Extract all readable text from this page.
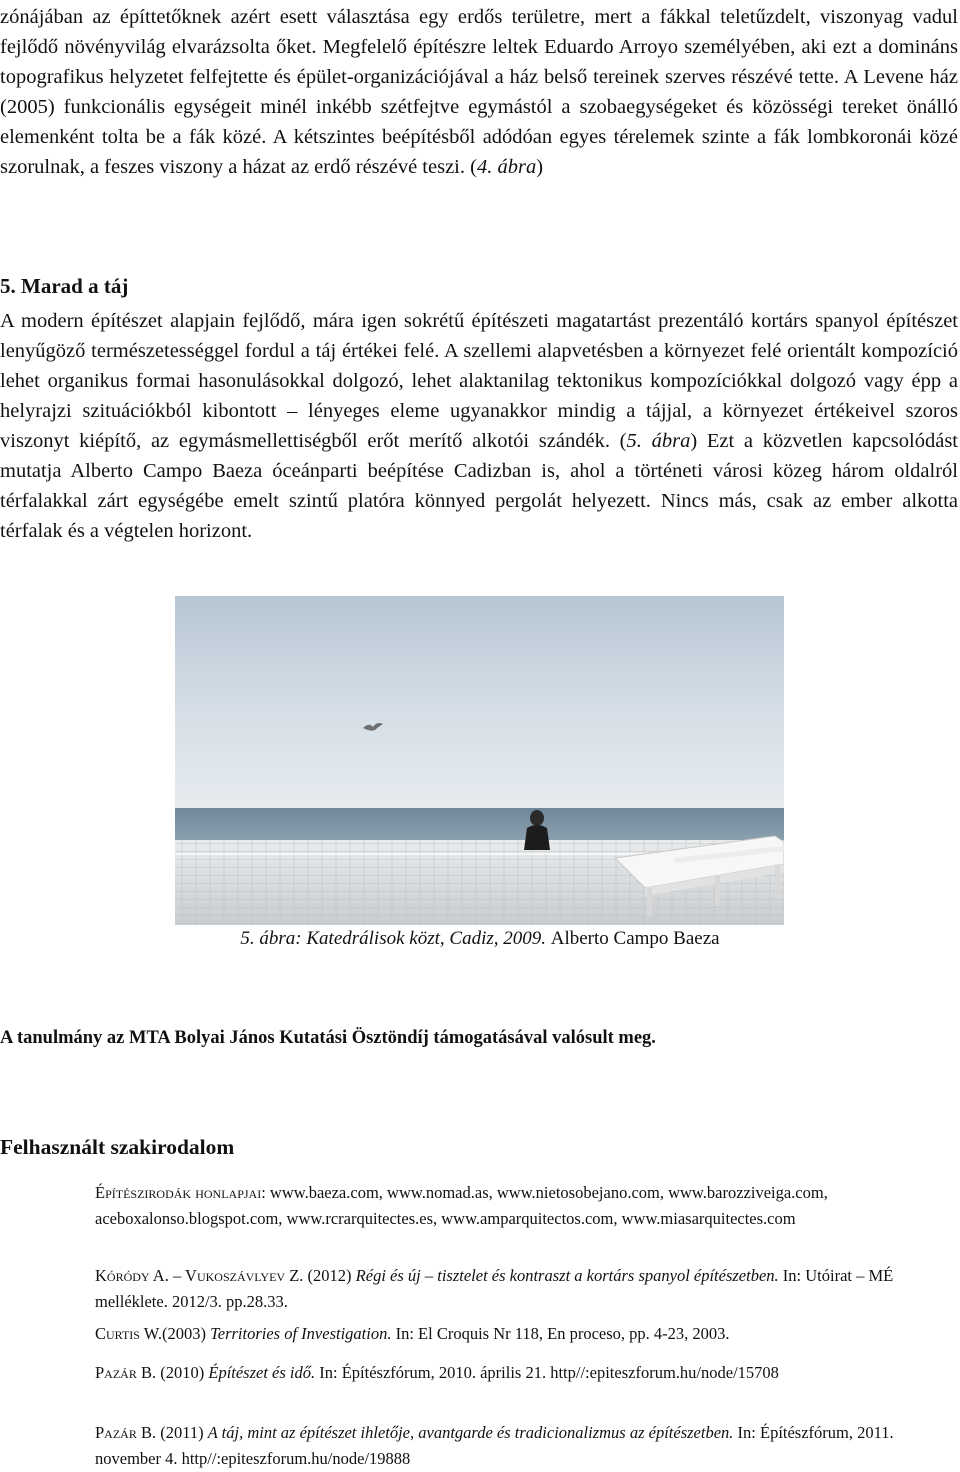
zónájában az építtetőknek azért esett választása egy erdős területre, mert a fákkal teletűzdelt, viszonyag vadul fejlődő növényvilág elvarázsolta őket. Megfelelő építészre leltek Eduardo Arroyo személyében, aki ezt a domináns topografikus helyzetet felfejtette és épület-organizációjával a ház belső tereinek szerves részévé tette. A Levene ház (2005) funkcionális egységeit minél inkébb szétfejtve egymástól a szobaegységeket és közösségi tereket önálló elemenként tolta be a fák közé. A kétszintes beépítésből adódóan egyes térelemek szinte a fák lombkoronái közé szorulnak, a feszes viszony a házat az erdő részévé teszi. (4. ábra)

5. Marad a táj

A modern építészet alapjain fejlődő, mára igen sokrétű építészeti magatartást prezentáló kortárs spanyol építészet lenyűgöző természetességgel fordul a táj értékei felé. A szellemi alapvetésben a környezet felé orientált kompozíció lehet organikus formai hasonulásokkal dolgozó, lehet alaktanilag tektonikus kompozíciókkal dolgozó vagy épp a helyrajzi szituációkból kibontott – lényeges eleme ugyanakkor mindig a tájjal, a környezet értékeivel szoros viszonyt kiépítő, az egymásmellettiségből erőt merítő alkotói szándék. (5. ábra) Ezt a közvetlen kapcsolódást mutatja Alberto Campo Baeza óceánparti beépítése Cadizban is, ahol a történeti városi közeg három oldalról térfalakkal zárt egységébe emelt szintű platóra könnyed pergolát helyezett. Nincs más, csak az ember alkotta térfalak és a végtelen horizont.

5. ábra: Katedrálisok közt, Cadiz, 2009. Alberto Campo Baeza
A tanulmány az MTA Bolyai János Kutatási Ösztöndíj támogatásával valósult meg.
Felhasznált szakirodalom

Építészirodák honlapjai: www.baeza.com, www.nomad.as, www.nietosobejano.com, www.barozziveiga.com, aceboxalonso.blogspot.com, www.rcrarquitectes.es, www.amparquitectos.com, www.miasarquitectes.com

Kóródy A. – Vukoszávlyev Z. (2012) Régi és új – tisztelet és kontraszt a kortárs spanyol építészetben. In: Utóirat – MÉ melléklete. 2012/3. pp.28.33.

Curtis W.(2003) Territories of Investigation. In: El Croquis Nr 118, En proceso, pp. 4-23, 2003.

Pazár B. (2010) Építészet és idő. In: Építészfórum, 2010. április 21. http//:epiteszforum.hu/node/15708

Pazár B. (2011) A táj, mint az építészet ihletője, avantgarde és tradicionalizmus az építészetben. In: Építészfórum, 2011. november 4. http//:epiteszforum.hu/node/19888
